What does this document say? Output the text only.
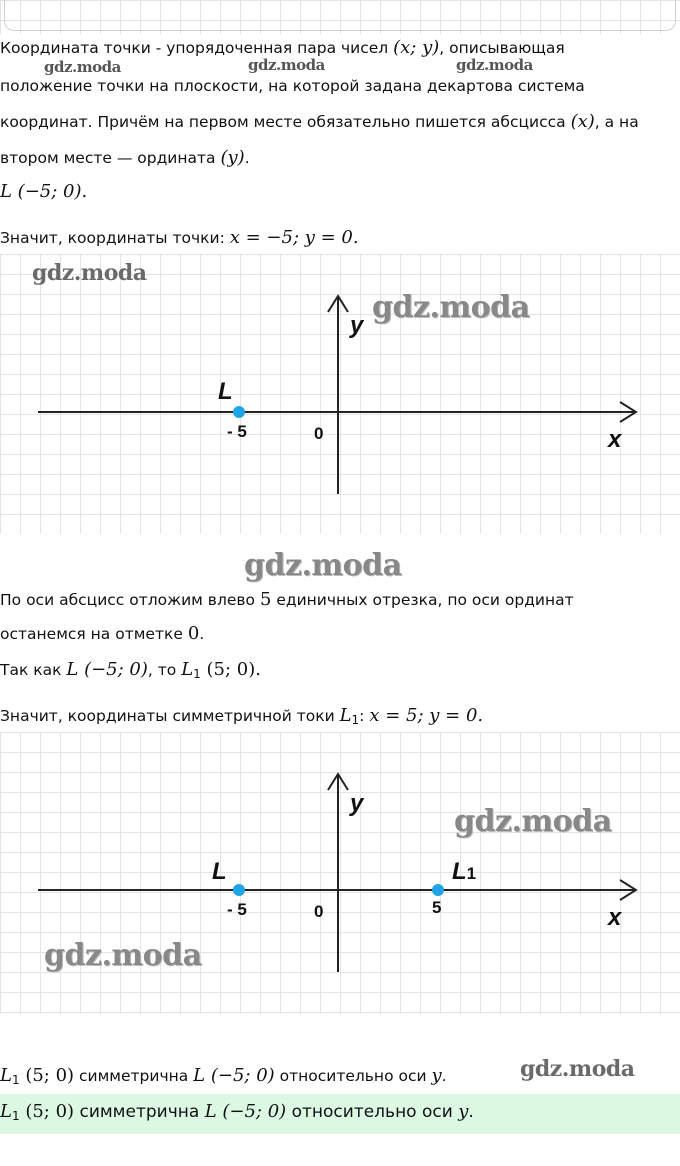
Координата точки - упорядоченная пара чисел (x; y), описывающая
положение точки на плоскости, на которой задана декартова система
координат. Причём на первом месте обязательно пишется абсцисса (x), а на
втором месте — ордината (y).
gdz.moda	gdz.moda	gdz.moda
L (−5; 0).
Значит, координаты точки: x = −5; y = 0.
y
x
0
L
- 5
gdz.moda
gdz.moda
gdz.moda
По оси абсцисс отложим влево 5 единичных отрезка, по оси ординат
останемся на отметке 0.
Так как L (−5; 0), то $L_1$ (5; 0).
Значит, координаты симметричной токи $L_1$: x = 5; y = 0.
y
x
0
L
- 5
L1
5
gdz.moda
gdz.moda
$L_1$ (5; 0) симметрична L (−5; 0) относительно оси y.	gdz.moda
$L_1$ (5; 0) симметрична L (−5; 0) относительно оси y.
